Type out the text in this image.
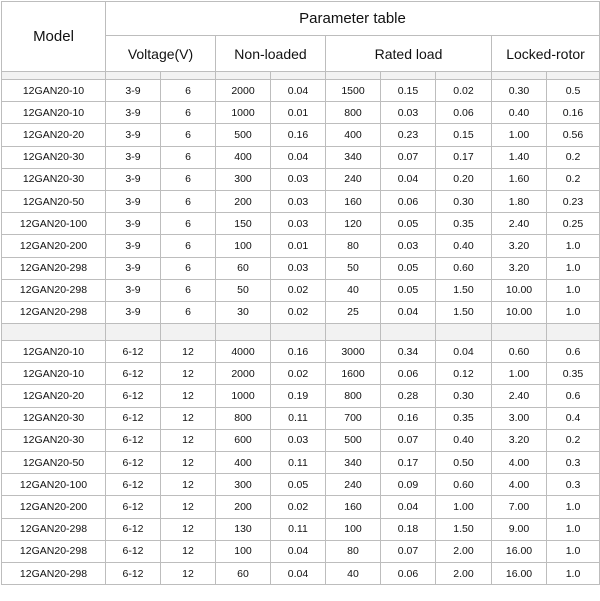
Model	Parameter table								
	Voltage(V)		Non-loaded		Rated load			Locked-rotor	

12GAN20-10	3-9	6	2000	0.04	1500	0.15	0.02	0.30	0.5
12GAN20-10	3-9	6	1000	0.01	800	0.03	0.06	0.40	0.16
12GAN20-20	3-9	6	500	0.16	400	0.23	0.15	1.00	0.56
12GAN20-30	3-9	6	400	0.04	340	0.07	0.17	1.40	0.2
12GAN20-30	3-9	6	300	0.03	240	0.04	0.20	1.60	0.2
12GAN20-50	3-9	6	200	0.03	160	0.06	0.30	1.80	0.23
12GAN20-100	3-9	6	150	0.03	120	0.05	0.35	2.40	0.25
12GAN20-200	3-9	6	100	0.01	80	0.03	0.40	3.20	1.0
12GAN20-298	3-9	6	60	0.03	50	0.05	0.60	3.20	1.0
12GAN20-298	3-9	6	50	0.02	40	0.05	1.50	10.00	1.0
12GAN20-298	3-9	6	30	0.02	25	0.04	1.50	10.00	1.0

12GAN20-10	6-12	12	4000	0.16	3000	0.34	0.04	0.60	0.6
12GAN20-10	6-12	12	2000	0.02	1600	0.06	0.12	1.00	0.35
12GAN20-20	6-12	12	1000	0.19	800	0.28	0.30	2.40	0.6
12GAN20-30	6-12	12	800	0.11	700	0.16	0.35	3.00	0.4
12GAN20-30	6-12	12	600	0.03	500	0.07	0.40	3.20	0.2
12GAN20-50	6-12	12	400	0.11	340	0.17	0.50	4.00	0.3
12GAN20-100	6-12	12	300	0.05	240	0.09	0.60	4.00	0.3
12GAN20-200	6-12	12	200	0.02	160	0.04	1.00	7.00	1.0
12GAN20-298	6-12	12	130	0.11	100	0.18	1.50	9.00	1.0
12GAN20-298	6-12	12	100	0.04	80	0.07	2.00	16.00	1.0
12GAN20-298	6-12	12	60	0.04	40	0.06	2.00	16.00	1.0
